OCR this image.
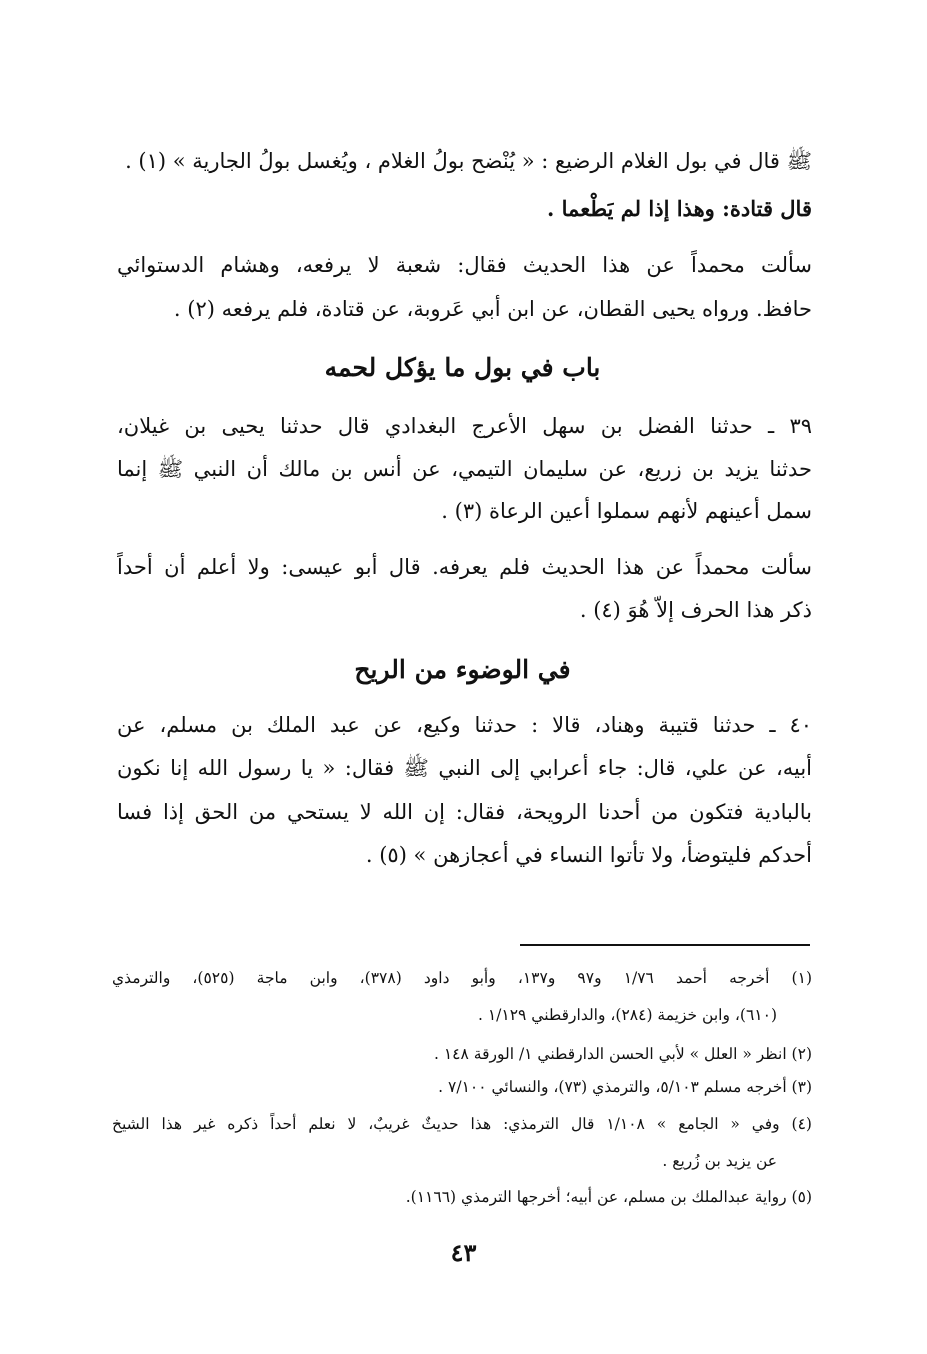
ﷺ قال في بول الغلام الرضيع : « يُنْضح بولُ الغلام ، ويُغسل بولُ الجارية » (١) .
قال قتادة: وهذا إذا لم يَطْعما .
سألت محمداً عن هذا الحديث فقال: شعبة لا يرفعه، وهشام الدستوائي
حافظ. ورواه يحيى القطان، عن ابن أبي عَروبة، عن قتادة، فلم يرفعه (٢) .
باب في بول ما يؤكل لحمه
٣٩ ـ حدثنا الفضل بن سهل الأعرج البغدادي قال حدثنا يحيى بن غيلان،
حدثنا يزيد بن زريع، عن سليمان التيمي، عن أنس بن مالك أن النبي ﷺ إنما
سمل أعينهم لأنهم سملوا أعين الرعاة (٣) .
سألت محمداً عن هذا الحديث فلم يعرفه. قال أبو عيسى: ولا أعلم أن أحداً
ذكر هذا الحرف إلاّ هُوَ (٤) .
في الوضوء من الريح
٤٠ ـ حدثنا قتيبة وهناد، قالا : حدثنا وكيع، عن عبد الملك بن مسلم، عن
أبيه، عن علي، قال: جاء أعرابي إلى النبي ﷺ فقال: « يا رسول الله إنا نكون
بالبادية فتكون من أحدنا الرويحة، فقال: إن الله لا يستحي من الحق إذا فسا
أحدكم فليتوضأ، ولا تأتوا النساء في أعجازهن » (٥) .
(١) أخرجه أحمد ١/٧٦ و٩٧ و١٣٧، وأبو داود (٣٧٨)، وابن ماجة (٥٢٥)، والترمذي
(٦١٠)، وابن خزيمة (٢٨٤)، والدارقطني ١/١٢٩ .
(٢) انظر « العلل » لأبي الحسن الدارقطني ١/ الورقة ١٤٨ .
(٣) أخرجه مسلم ٥/١٠٣، والترمذي (٧٣)، والنسائي ٧/١٠٠ .
(٤) وفي « الجامع » ١/١٠٨ قال الترمذي: هذا حديثٌ غريبٌ، لا نعلم أحداً ذكره غير هذا الشيخ
عن يزيد بن زُريع .
(٥) رواية عبدالملك بن مسلم، عن أبيه؛ أخرجها الترمذي (١١٦٦).
٤٣
